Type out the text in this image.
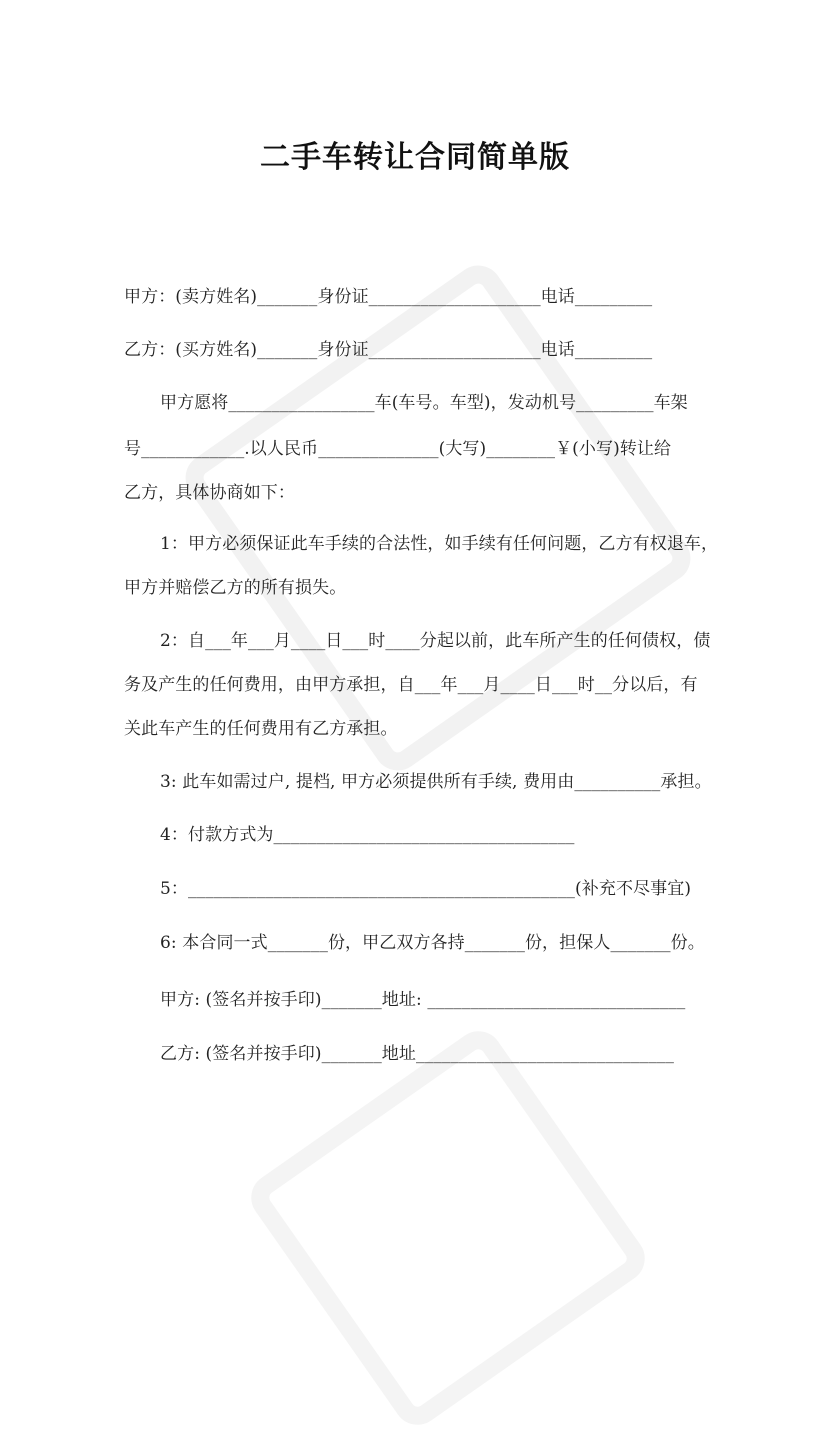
二手车转让合同简单版
甲方：(卖方姓名)_______身份证____________________电话_________
乙方：(买方姓名)_______身份证____________________电话_________
甲方愿将_________________车(车号。车型)，发动机号_________车架
号____________.以人民币______________(大写)________￥(小写)转让给
乙方，具体协商如下：
1：甲方必须保证此车手续的合法性，如手续有任何问题，乙方有权退车，
甲方并赔偿乙方的所有损失。
2：自___年___月____日___时____分起以前，此车所产生的任何债权，债
务及产生的任何费用，由甲方承担，自___年___月____日___时__分以后，有
关此车产生的任何费用有乙方承担。
3: 此车如需过户, 提档, 甲方必须提供所有手续, 费用由__________承担。
4：付款方式为___________________________________
5：_____________________________________________(补充不尽事宜)
6: 本合同一式_______份，甲乙双方各持_______份，担保人_______份。
甲方: (签名并按手印)_______地址: ______________________________
乙方: (签名并按手印)_______地址______________________________
